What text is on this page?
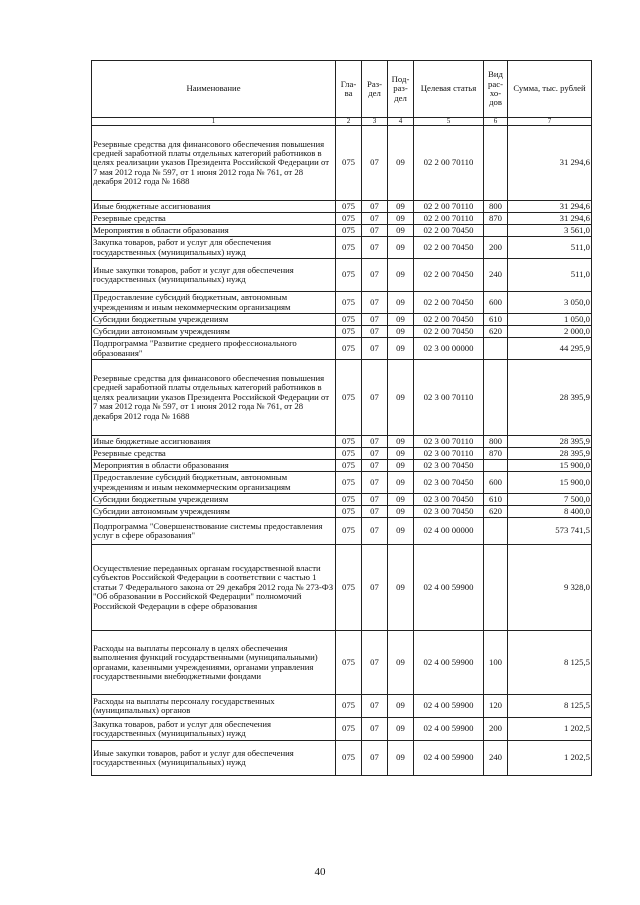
Наименование	Гла-ва	Раз-дел	Под-раз-дел	Целевая статья	Вид рас-хо-дов	Сумма, тыс. рублей
1	2	3	4	5	6	7
Резервные средства для финансового обеспечения повышения средней заработной платы отдельных категорий работников в целях реализации указов Президента Российской Федерации от 7 мая 2012 года № 597, от 1 июня 2012 года № 761, от 28 декабря 2012 года № 1688	075	07	09	02 2 00 70110		31 294,6
Иные бюджетные ассигнования	075	07	09	02 2 00 70110	800	31 294,6
Резервные средства	075	07	09	02 2 00 70110	870	31 294,6
Мероприятия в области образования	075	07	09	02 2 00 70450		3 561,0
Закупка товаров, работ и услуг для обеспечения государственных (муниципальных) нужд	075	07	09	02 2 00 70450	200	511,0
Иные закупки товаров, работ и услуг для обеспечения государственных (муниципальных) нужд	075	07	09	02 2 00 70450	240	511,0
Предоставление субсидий бюджетным, автономным учреждениям и иным некоммерческим организациям	075	07	09	02 2 00 70450	600	3 050,0
Субсидии бюджетным учреждениям	075	07	09	02 2 00 70450	610	1 050,0
Субсидии автономным учреждениям	075	07	09	02 2 00 70450	620	2 000,0
Подпрограмма "Развитие среднего профессионального образования"	075	07	09	02 3 00 00000		44 295,9
Резервные средства для финансового обеспечения повышения средней заработной платы отдельных категорий работников в целях реализации указов Президента Российской Федерации от 7 мая 2012 года № 597, от 1 июня 2012 года № 761, от 28 декабря 2012 года № 1688	075	07	09	02 3 00 70110		28 395,9
Иные бюджетные ассигнования	075	07	09	02 3 00 70110	800	28 395,9
Резервные средства	075	07	09	02 3 00 70110	870	28 395,9
Мероприятия в области образования	075	07	09	02 3 00 70450		15 900,0
Предоставление субсидий бюджетным, автономным учреждениям и иным некоммерческим организациям	075	07	09	02 3 00 70450	600	15 900,0
Субсидии бюджетным учреждениям	075	07	09	02 3 00 70450	610	7 500,0
Субсидии автономным учреждениям	075	07	09	02 3 00 70450	620	8 400,0
Подпрограмма "Совершенствование системы предоставления услуг в сфере образования"	075	07	09	02 4 00 00000		573 741,5
Осуществление переданных органам государственной власти субъектов Российской Федерации в соответствии с частью 1 статьи 7 Федерального закона от 29 декабря 2012 года № 273-ФЗ "Об образовании в Российской Федерации" полномочий Российской Федерации в сфере образования	075	07	09	02 4 00 59900		9 328,0
Расходы на выплаты персоналу в целях обеспечения выполнения функций государственными (муниципальными) органами, казенными учреждениями, органами управления государственными внебюджетными фондами	075	07	09	02 4 00 59900	100	8 125,5
Расходы на выплаты персоналу государственных (муниципальных) органов	075	07	09	02 4 00 59900	120	8 125,5
Закупка товаров, работ и услуг для обеспечения государственных (муниципальных) нужд	075	07	09	02 4 00 59900	200	1 202,5
Иные закупки товаров, работ и услуг для обеспечения государственных (муниципальных) нужд	075	07	09	02 4 00 59900	240	1 202,5
40
